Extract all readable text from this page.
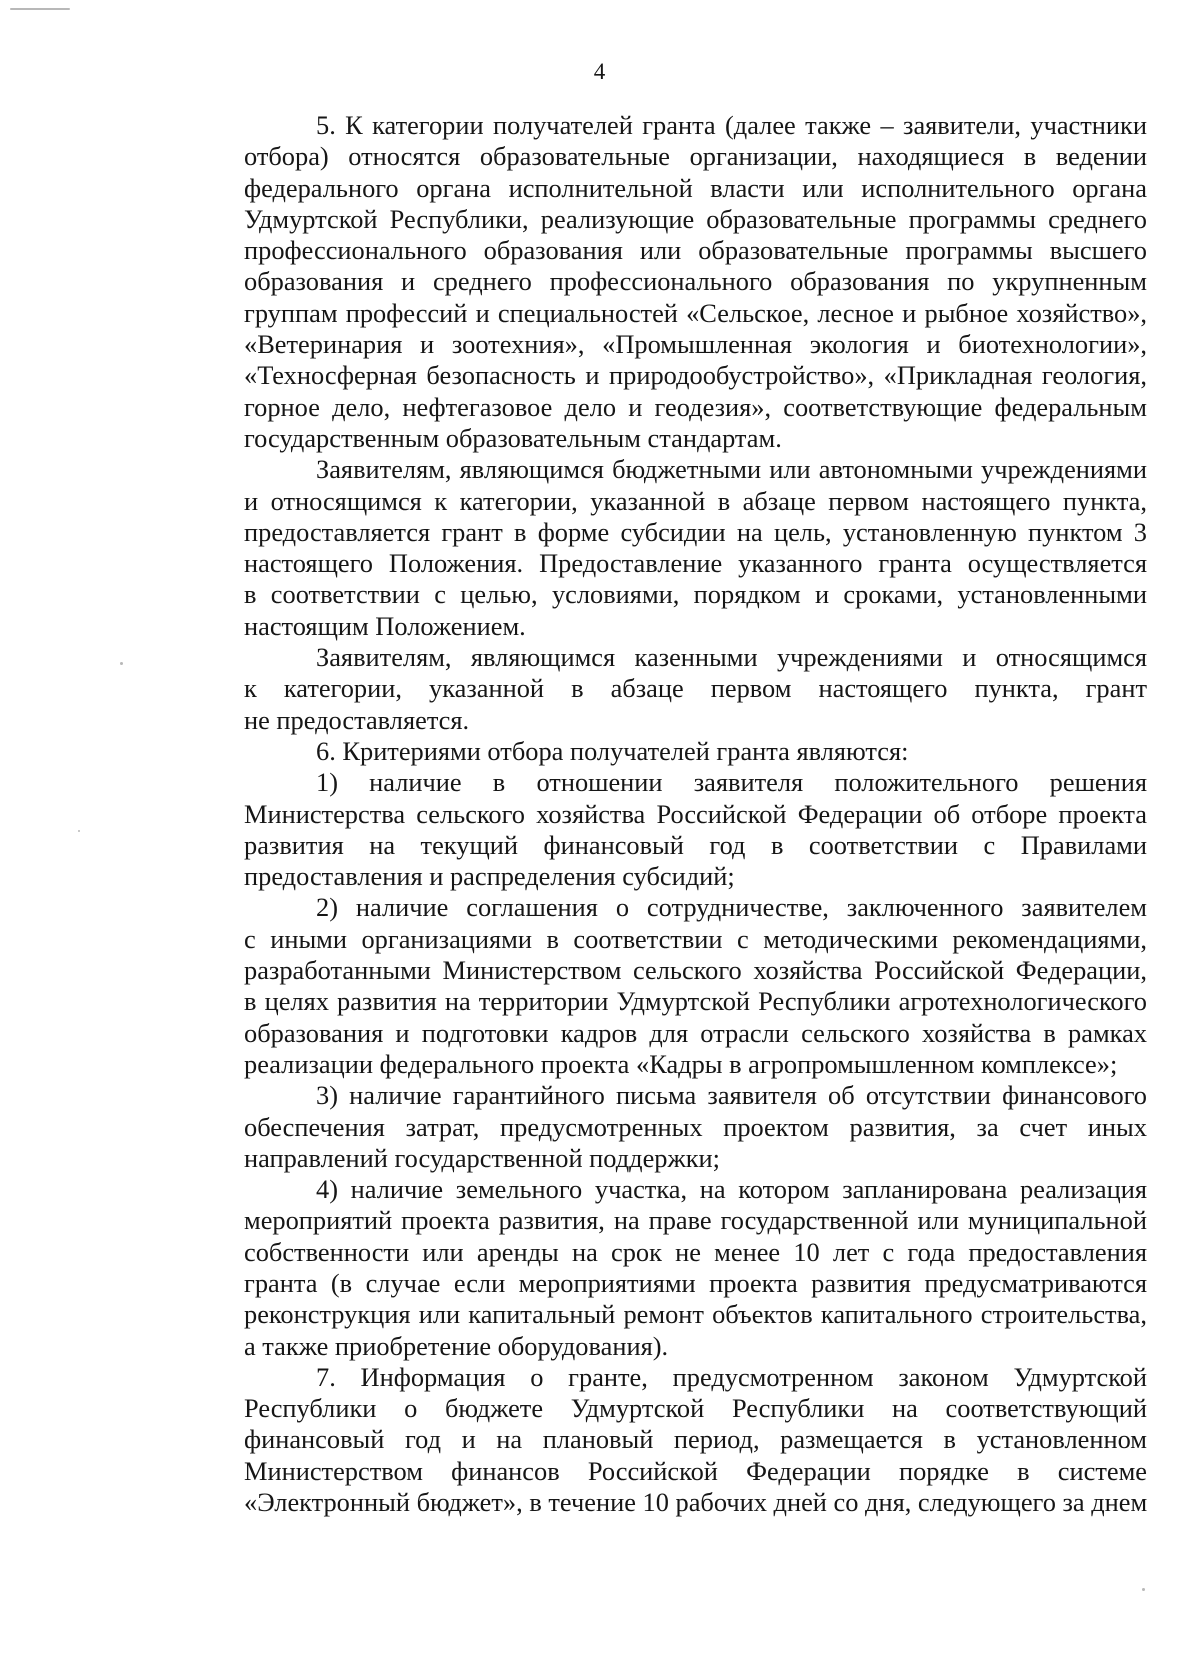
4

5. К категории получателей гранта (далее также – заявители, участники
отбора) относятся образовательные организации, находящиеся в ведении
федерального органа исполнительной власти или исполнительного органа
Удмуртской Республики, реализующие образовательные программы среднего
профессионального образования или образовательные программы высшего
образования и среднего профессионального образования по укрупненным
группам профессий и специальностей «Сельское, лесное и рыбное хозяйство»,
«Ветеринария и зоотехния», «Промышленная экология и биотехнологии»,
«Техносферная безопасность и природообустройство», «Прикладная геология,
горное дело, нефтегазовое дело и геодезия», соответствующие федеральным
государственным образовательным стандартам.

Заявителям, являющимся бюджетными или автономными учреждениями
и относящимся к категории, указанной в абзаце первом настоящего пункта,
предоставляется грант в форме субсидии на цель, установленную пунктом 3
настоящего Положения. Предоставление указанного гранта осуществляется
в соответствии с целью, условиями, порядком и сроками, установленными
настоящим Положением.

Заявителям, являющимся казенными учреждениями и относящимся
к категории, указанной в абзаце первом настоящего пункта, грант
не предоставляется.

6. Критериями отбора получателей гранта являются:

1) наличие в отношении заявителя положительного решения
Министерства сельского хозяйства Российской Федерации об отборе проекта
развития на текущий финансовый год в соответствии с Правилами
предоставления и распределения субсидий;

2) наличие соглашения о сотрудничестве, заключенного заявителем
с иными организациями в соответствии с методическими рекомендациями,
разработанными Министерством сельского хозяйства Российской Федерации,
в целях развития на территории Удмуртской Республики агротехнологического
образования и подготовки кадров для отрасли сельского хозяйства в рамках
реализации федерального проекта «Кадры в агропромышленном комплексе»;

3) наличие гарантийного письма заявителя об отсутствии финансового
обеспечения затрат, предусмотренных проектом развития, за счет иных
направлений государственной поддержки;

4) наличие земельного участка, на котором запланирована реализация
мероприятий проекта развития, на праве государственной или муниципальной
собственности или аренды на срок не менее 10 лет с года предоставления
гранта (в случае если мероприятиями проекта развития предусматриваются
реконструкция или капитальный ремонт объектов капитального строительства,
а также приобретение оборудования).

7. Информация о гранте, предусмотренном законом Удмуртской
Республики о бюджете Удмуртской Республики на соответствующий
финансовый год и на плановый период, размещается в установленном
Министерством финансов Российской Федерации порядке в системе
«Электронный бюджет», в течение 10 рабочих дней со дня, следующего за днем
